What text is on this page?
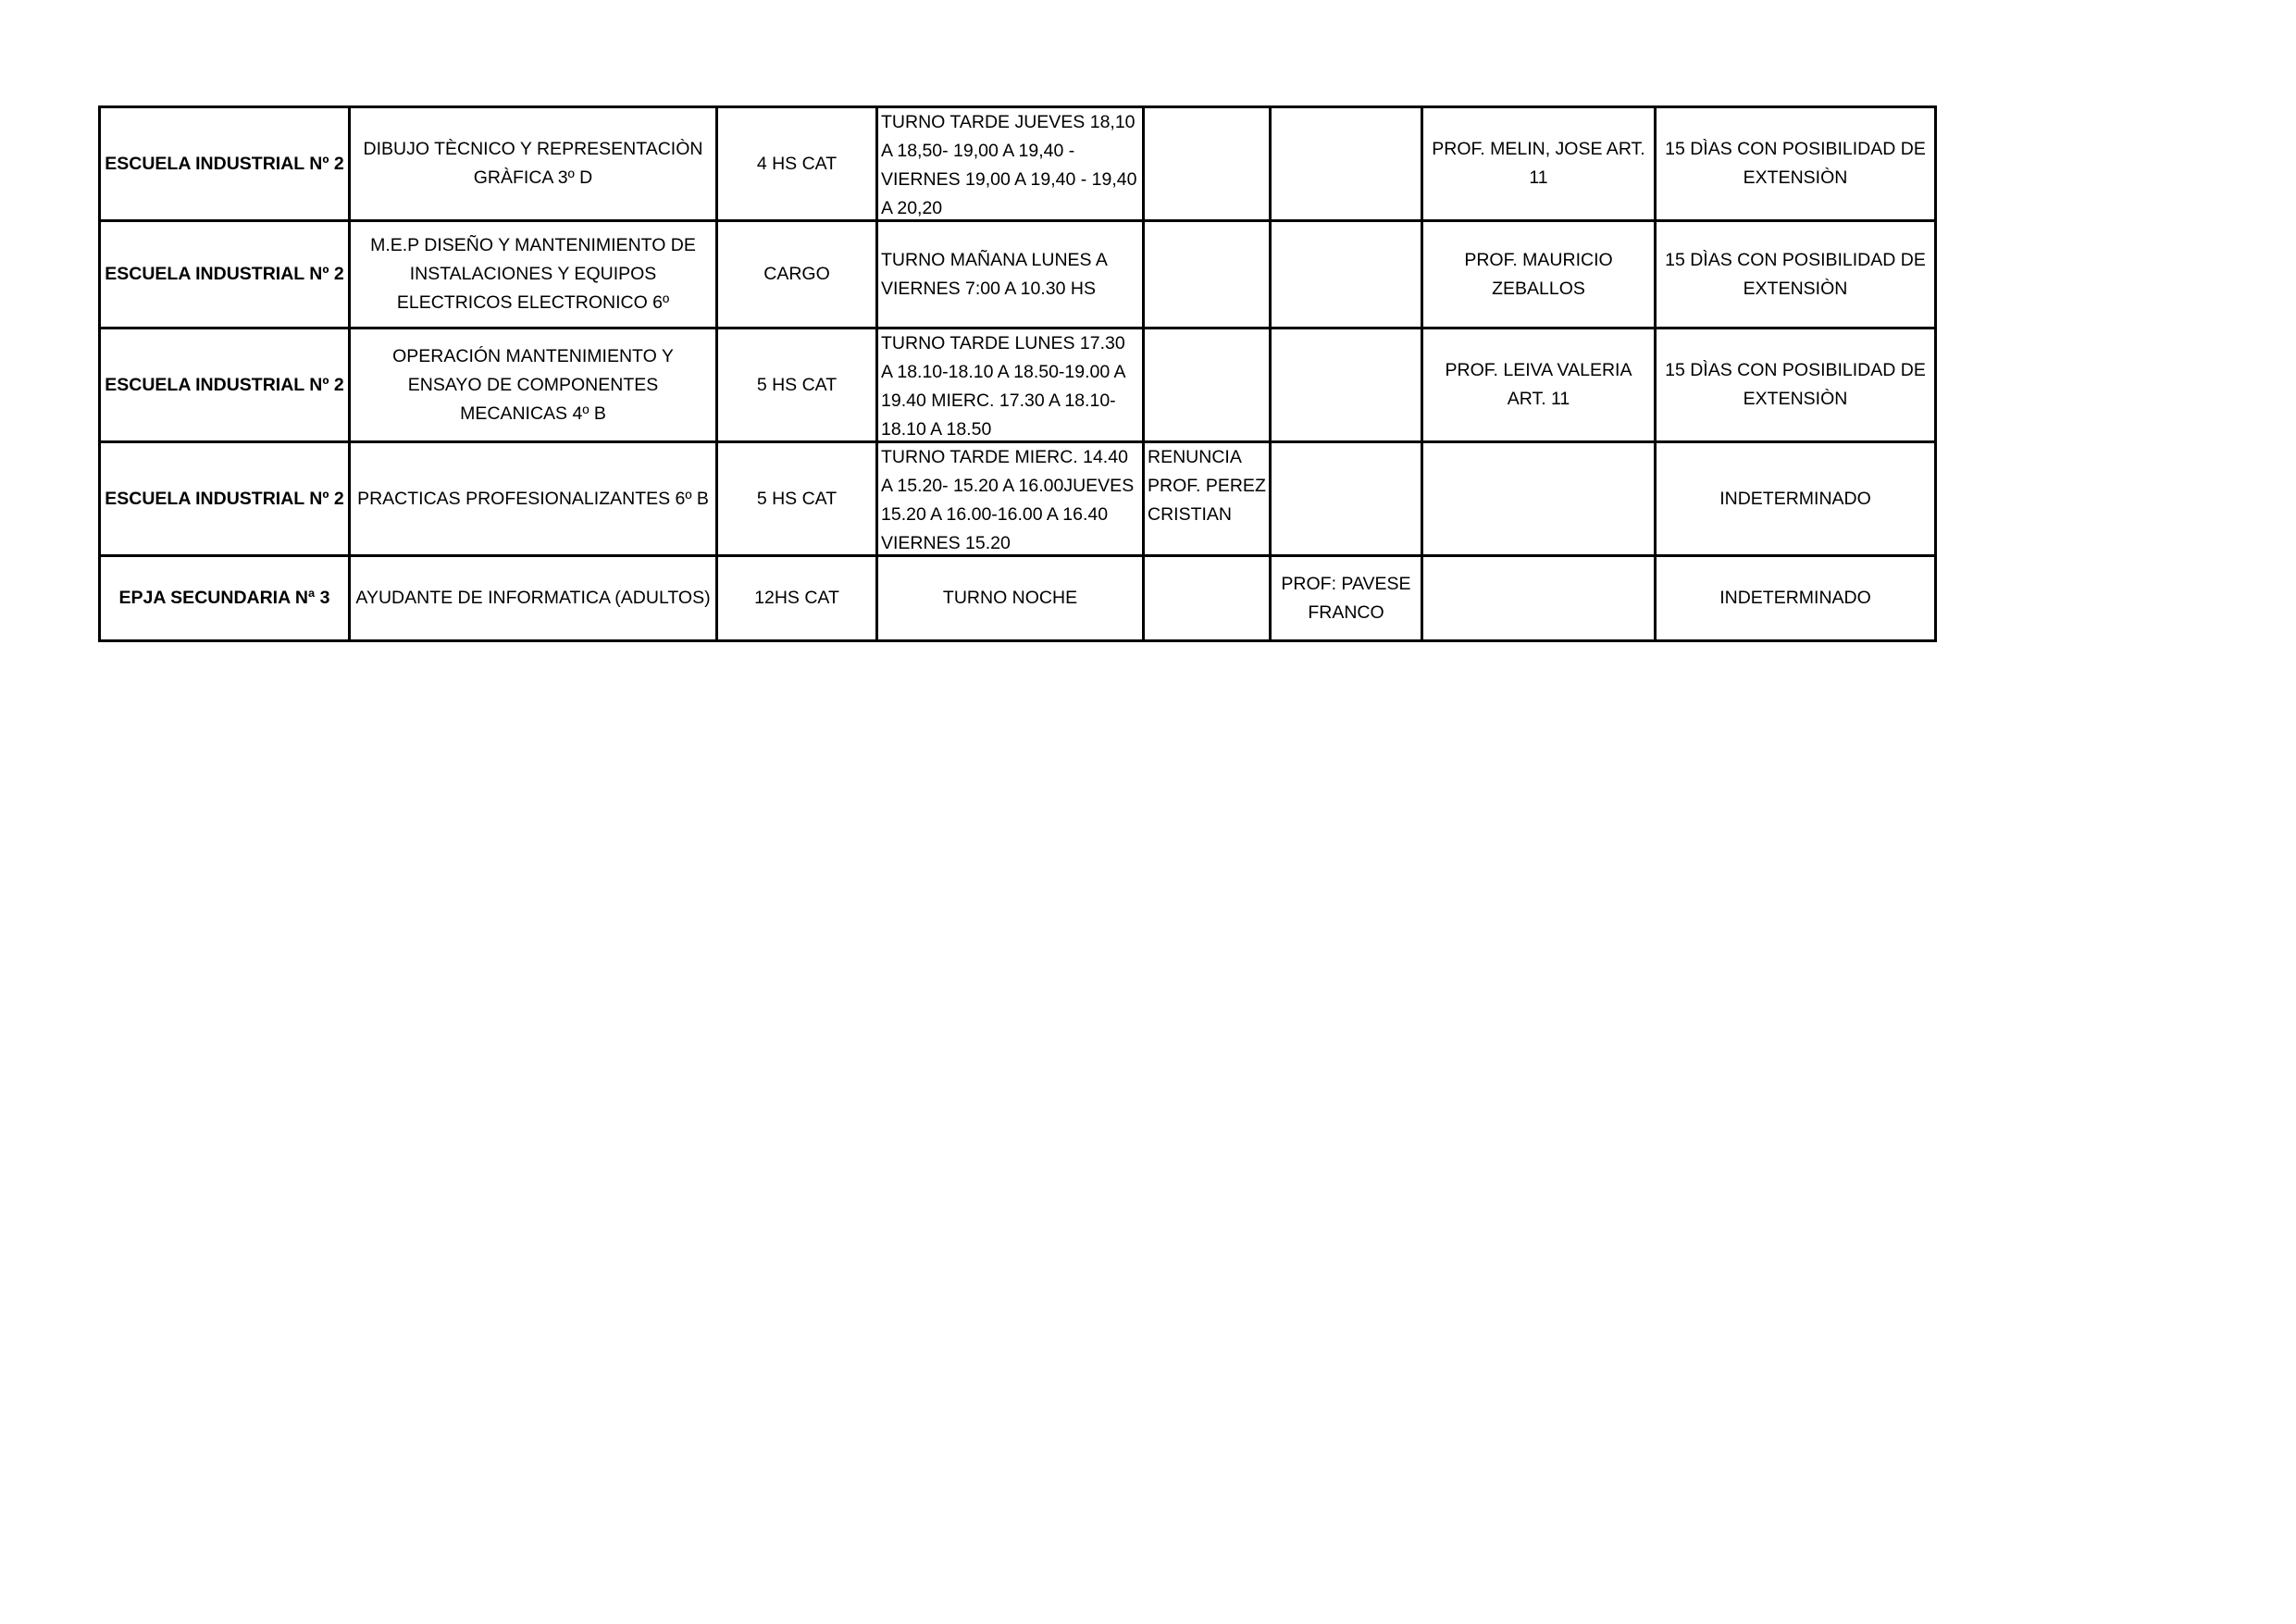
ESCUELA INDUSTRIAL Nº 2	DIBUJO TÈCNICO Y REPRESENTACIÒN GRÀFICA 3º D	4 HS CAT	TURNO TARDE JUEVES 18,10 A 18,50- 19,00 A 19,40 - VIERNES 19,00 A 19,40 - 19,40 A 20,20			PROF. MELIN, JOSE ART. 11	15 DÌAS CON POSIBILIDAD DE EXTENSIÒN
ESCUELA INDUSTRIAL Nº 2	M.E.P DISEÑO Y MANTENIMIENTO DE INSTALACIONES Y EQUIPOS ELECTRICOS ELECTRONICO 6º	CARGO	TURNO MAÑANA LUNES A VIERNES 7:00 A 10.30 HS			PROF. MAURICIO ZEBALLOS	15 DÌAS CON POSIBILIDAD DE EXTENSIÒN
ESCUELA INDUSTRIAL Nº 2	OPERACIÓN MANTENIMIENTO Y ENSAYO DE COMPONENTES MECANICAS 4º B	5 HS CAT	TURNO TARDE LUNES 17.30 A 18.10-18.10 A 18.50-19.00 A 19.40 MIERC. 17.30 A 18.10-18.10 A 18.50			PROF. LEIVA VALERIA ART. 11	15 DÌAS CON POSIBILIDAD DE EXTENSIÒN
ESCUELA INDUSTRIAL Nº 2	PRACTICAS PROFESIONALIZANTES 6º B	5 HS CAT	TURNO TARDE MIERC. 14.40 A 15.20- 15.20 A 16.00JUEVES 15.20 A 16.00-16.00 A 16.40 VIERNES 15.20	RENUNCIA PROF. PEREZ CRISTIAN			INDETERMINADO
EPJA SECUNDARIA Nª 3	AYUDANTE DE INFORMATICA (ADULTOS)	12HS CAT	TURNO NOCHE		PROF: PAVESE FRANCO		INDETERMINADO
